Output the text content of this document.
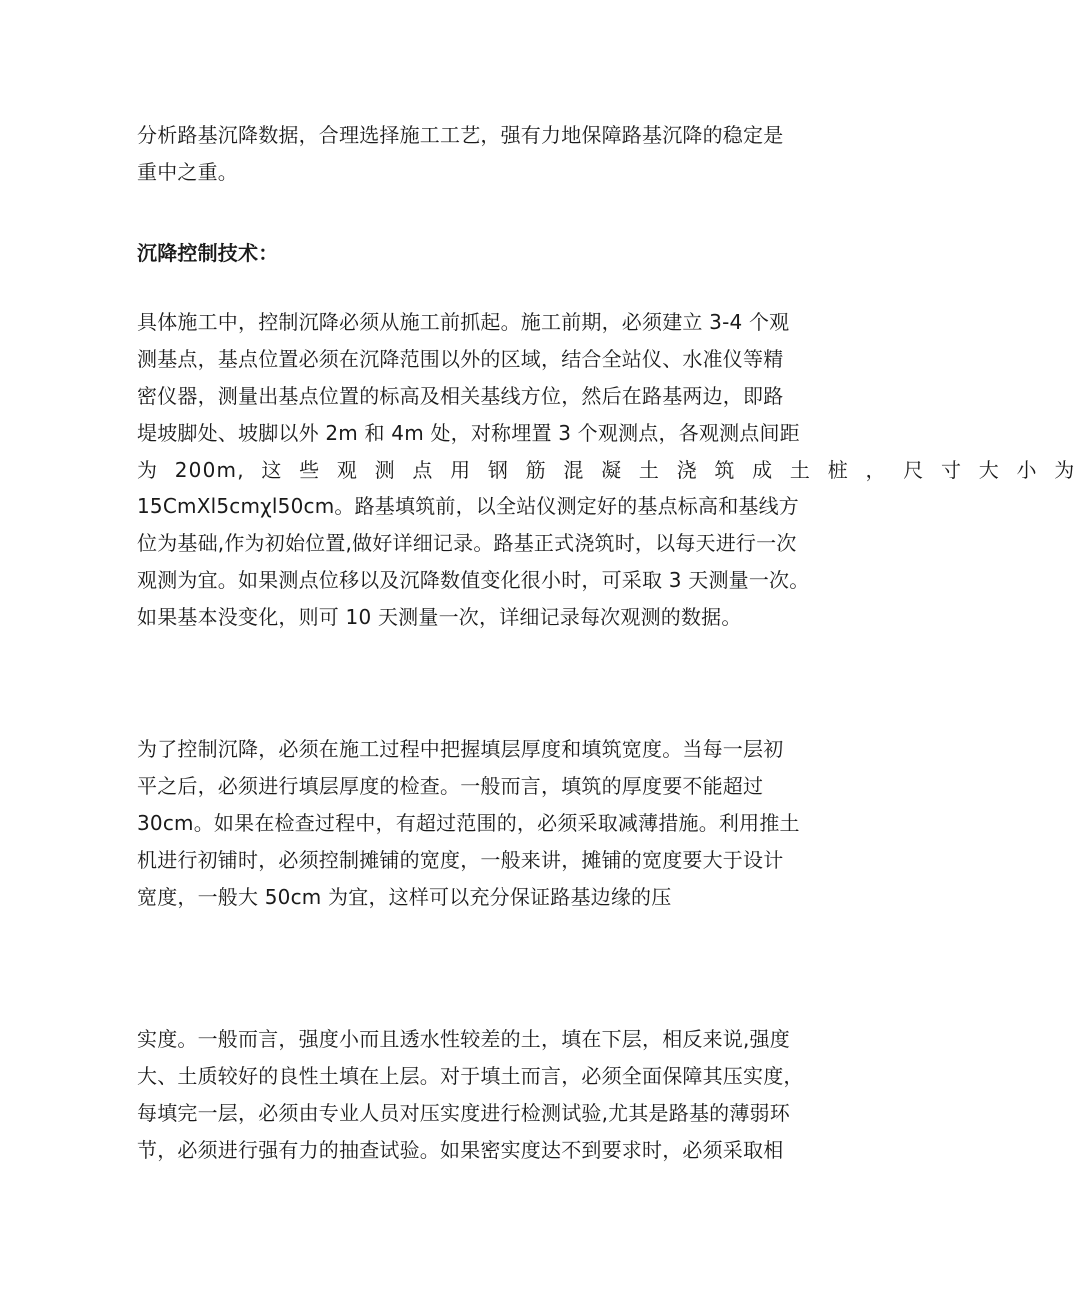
分析路基沉降数据，合理选择施工工艺，强有力地保障路基沉降的稳定是
重中之重。
沉降控制技术：
具体施工中，控制沉降必须从施工前抓起。施工前期，必须建立 3-4 个观
测基点，基点位置必须在沉降范围以外的区域，结合全站仪、水准仪等精
密仪器，测量出基点位置的标高及相关基线方位，然后在路基两边，即路
堤坡脚处、坡脚以外 2m 和 4m 处，对称埋置 3 个观测点，各观测点间距
为 200m, 这 些 观 测 点 用 钢 筋 混 凝 土 浇 筑 成 土 桩 ， 尺 寸 大 小 为
15CmXl5cmχl50cm。路基填筑前，以全站仪测定好的基点标高和基线方
位为基础,作为初始位置,做好详细记录。路基正式浇筑时，以每天进行一次
观测为宜。如果测点位移以及沉降数值变化很小时，可采取 3 天测量一次。
如果基本没变化，则可 10 天测量一次，详细记录每次观测的数据。
为了控制沉降，必须在施工过程中把握填层厚度和填筑宽度。当每一层初
平之后，必须进行填层厚度的检查。一般而言，填筑的厚度要不能超过
30cm。如果在检查过程中，有超过范围的，必须采取减薄措施。利用推土
机进行初铺时，必须控制摊铺的宽度，一般来讲，摊铺的宽度要大于设计
宽度，一般大 50cm 为宜，这样可以充分保证路基边缘的压
实度。一般而言，强度小而且透水性较差的土，填在下层，相反来说,强度
大、土质较好的良性土填在上层。对于填土而言，必须全面保障其压实度，
每填完一层，必须由专业人员对压实度进行检测试验,尤其是路基的薄弱环
节，必须进行强有力的抽查试验。如果密实度达不到要求时，必须采取相
